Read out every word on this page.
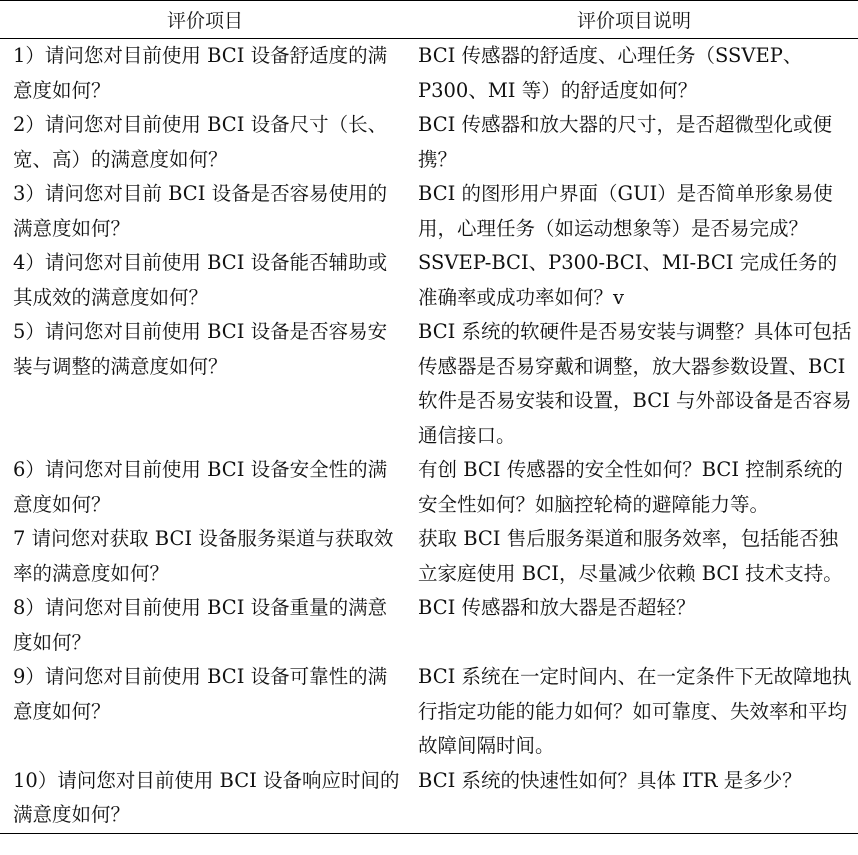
评价项目	评价项目说明
1）请问您对目前使用 BCI 设备舒适度的满意度如何？	BCI 传感器的舒适度、心理任务（SSVEP、P300、MI 等）的舒适度如何？
2）请问您对目前使用 BCI 设备尺寸（长、宽、高）的满意度如何？	BCI 传感器和放大器的尺寸，是否超微型化或便携？
3）请问您对目前 BCI 设备是否容易使用的满意度如何？	BCI 的图形用户界面（GUI）是否简单形象易使用，心理任务（如运动想象等）是否易完成？
4）请问您对目前使用 BCI 设备能否辅助或其成效的满意度如何？	SSVEP-BCI、P300-BCI、MI-BCI 完成任务的准确率或成功率如何？v
5）请问您对目前使用 BCI 设备是否容易安装与调整的满意度如何？	BCI 系统的软硬件是否易安装与调整？具体可包括传感器是否易穿戴和调整，放大器参数设置、BCI 软件是否易安装和设置，BCI 与外部设备是否容易通信接口。
6）请问您对目前使用 BCI 设备安全性的满意度如何？	有创 BCI 传感器的安全性如何？BCI 控制系统的安全性如何？如脑控轮椅的避障能力等。
7 请问您对获取 BCI 设备服务渠道与获取效率的满意度如何？	获取 BCI 售后服务渠道和服务效率，包括能否独立家庭使用 BCI，尽量减少依赖 BCI 技术支持。
8）请问您对目前使用 BCI 设备重量的满意度如何？	BCI 传感器和放大器是否超轻？
9）请问您对目前使用 BCI 设备可靠性的满意度如何？	BCI 系统在一定时间内、在一定条件下无故障地执行指定功能的能力如何？如可靠度、失效率和平均故障间隔时间。
10）请问您对目前使用 BCI 设备响应时间的满意度如何？	BCI 系统的快速性如何？具体 ITR 是多少？
